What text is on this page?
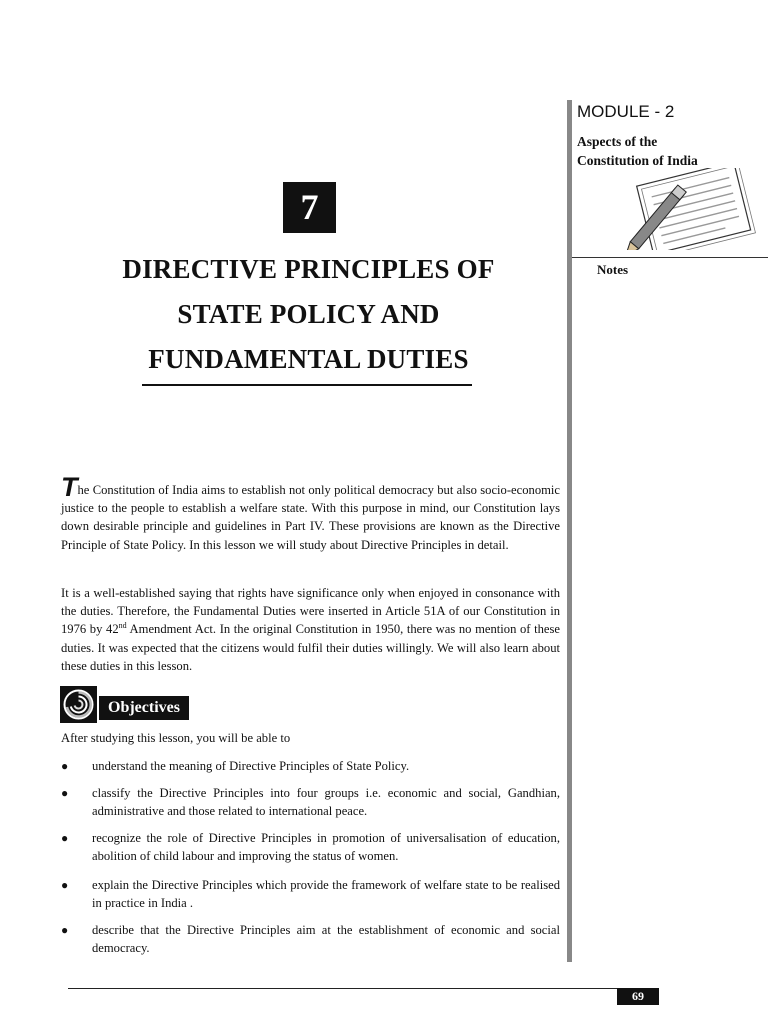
MODULE - 2
Aspects of the
Constitution of India
Notes
7
DIRECTIVE PRINCIPLES OF
STATE POLICY AND
FUNDAMENTAL DUTIES

The Constitution of India aims to establish not only political democracy but also socio-economic justice to the people to establish a welfare state. With this purpose in mind, our Constitution lays down desirable principle and guidelines in Part IV. These provisions are known as the Directive Principle of State Policy. In this lesson we will study about Directive Principles in detail.

It is a well-established saying that rights have significance only when enjoyed in consonance with the duties. Therefore, the Fundamental Duties were inserted in Article 51A of our Constitution in 1976 by 42nd Amendment Act. In the original Constitution in 1950, there was no mention of these duties. It was expected that the citizens would fulfil their duties willingly. We will also learn about these duties in this lesson.

Objectives
After studying this lesson, you will be able to
● understand the meaning of Directive Principles of State Policy.
● classify the Directive Principles into four groups i.e. economic and social, Gandhian, administrative and those related to international peace.
● recognize the role of Directive Principles in promotion of universalisation of education, abolition of child labour and improving the status of women.
● explain the Directive Principles which provide the framework of welfare state to be realised in practice in India .
● describe that the Directive Principles aim at the establishment of economic and social democracy.
69
